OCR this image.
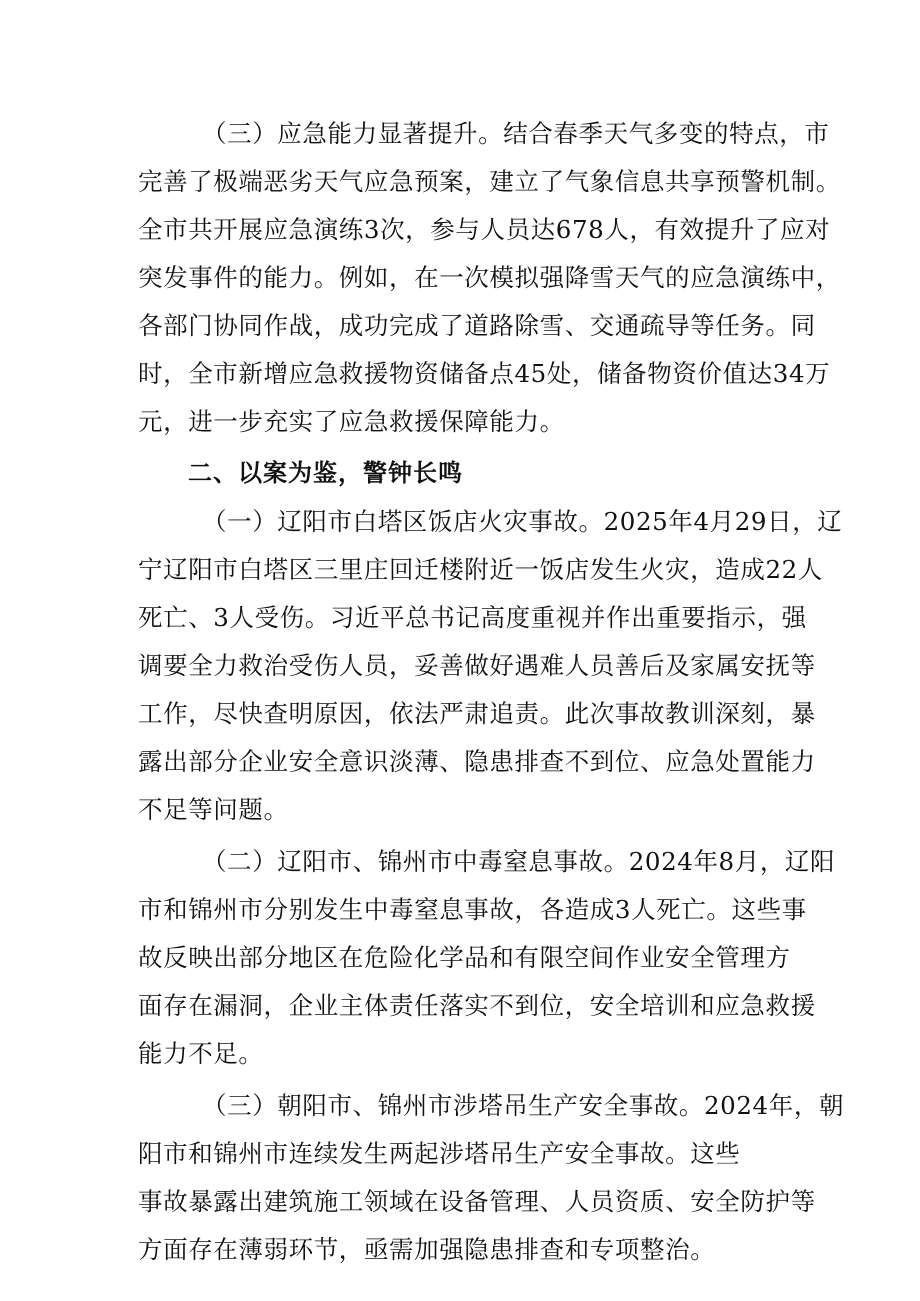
（三）应急能力显著提升。结合春季天气多变的特点，市
完善了极端恶劣天气应急预案，建立了气象信息共享预警机制。
全市共开展应急演练3次，参与人员达678人，有效提升了应对
突发事件的能力。例如，在一次模拟强降雪天气的应急演练中，
各部门协同作战，成功完成了道路除雪、交通疏导等任务。同
时，全市新增应急救援物资储备点45处，储备物资价值达34万
元，进一步充实了应急救援保障能力。
二、以案为鉴，警钟长鸣
（一）辽阳市白塔区饭店火灾事故。2025年4月29日，辽
宁辽阳市白塔区三里庄回迁楼附近一饭店发生火灾，造成22人
死亡、3人受伤。习近平总书记高度重视并作出重要指示，强
调要全力救治受伤人员，妥善做好遇难人员善后及家属安抚等
工作，尽快查明原因，依法严肃追责。此次事故教训深刻，暴
露出部分企业安全意识淡薄、隐患排查不到位、应急处置能力
不足等问题。
（二）辽阳市、锦州市中毒窒息事故。2024年8月，辽阳
市和锦州市分别发生中毒窒息事故，各造成3人死亡。这些事
故反映出部分地区在危险化学品和有限空间作业安全管理方
面存在漏洞，企业主体责任落实不到位，安全培训和应急救援
能力不足。
（三）朝阳市、锦州市涉塔吊生产安全事故。2024年，朝
阳市和锦州市连续发生两起涉塔吊生产安全事故。这些
事故暴露出建筑施工领域在设备管理、人员资质、安全防护等
方面存在薄弱环节，亟需加强隐患排查和专项整治。
